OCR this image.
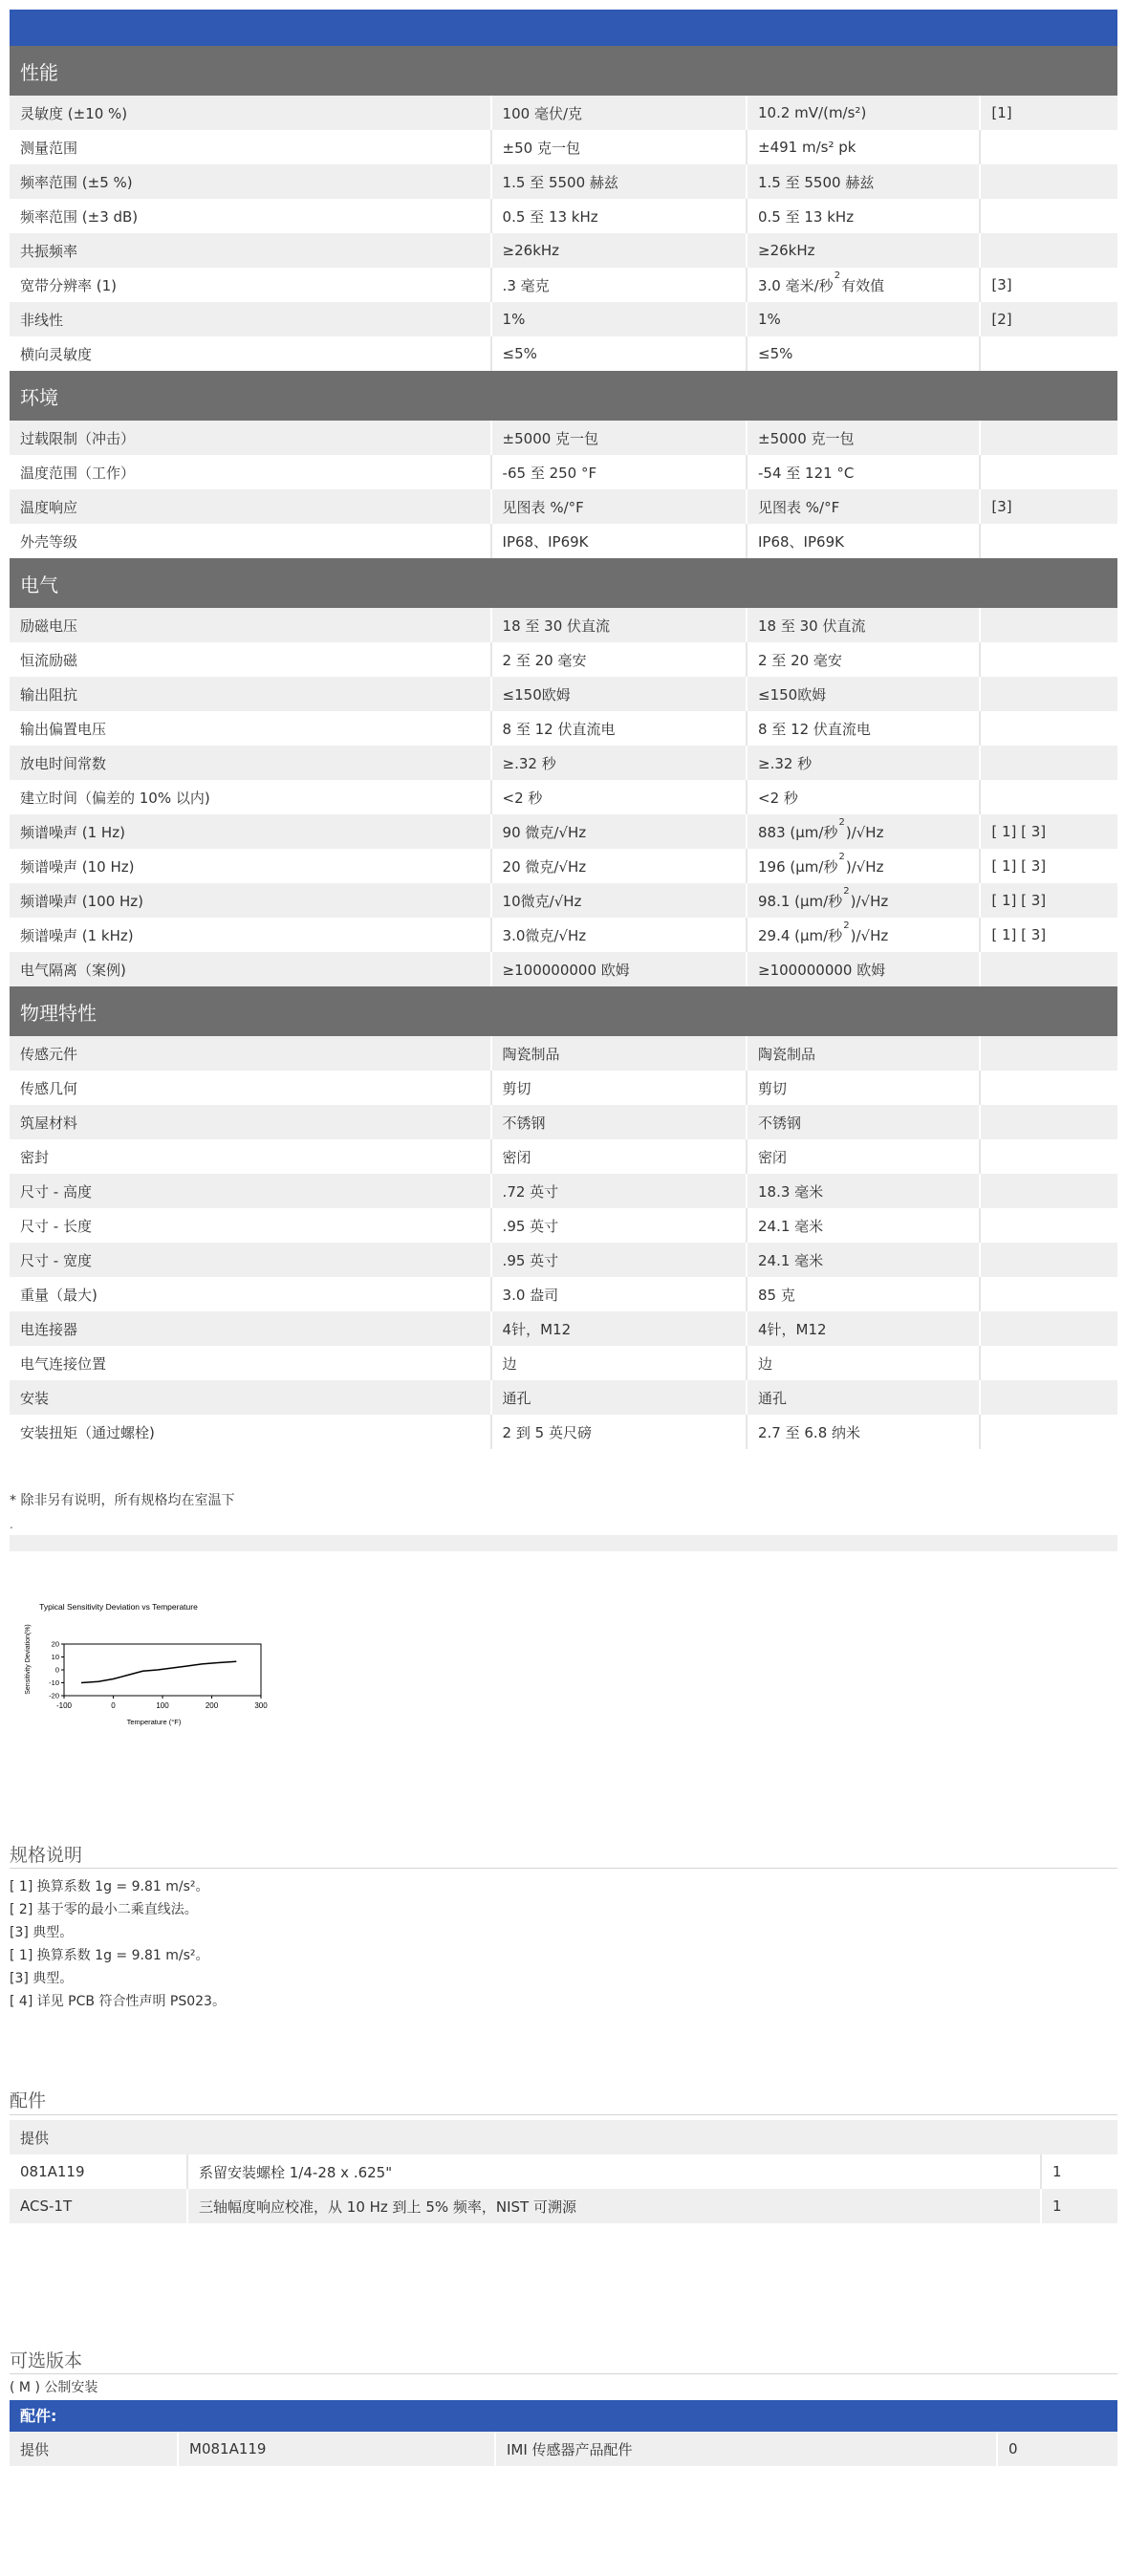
性能			
灵敏度 (±10 %)	100 毫伏/克	10.2 mV/(m/s²)	[1]
测量范围	±50 克一包	±491 m/s² pk	
频率范围 (±5 %)	1.5 至 5500 赫兹	1.5 至 5500 赫兹	
频率范围 (±3 dB)	0.5 至 13 kHz	0.5 至 13 kHz	
共振频率	≥26kHz	≥26kHz	
宽带分辨率 (1)	.3 毫克	3.0 毫米/秒$^2$有效值	[3]
非线性	1%	1%	[2]
横向灵敏度	≤5%	≤5%	
环境			
过载限制（冲击）	±5000 克一包	±5000 克一包	
温度范围（工作）	-65 至 250 °F	-54 至 121 °C	
温度响应	见图表 %/°F	见图表 %/°F	[3]
外壳等级	IP68、IP69K	IP68、IP69K	
电气			
励磁电压	18 至 30 伏直流	18 至 30 伏直流	
恒流励磁	2 至 20 毫安	2 至 20 毫安	
输出阻抗	≤150欧姆	≤150欧姆	
输出偏置电压	8 至 12 伏直流电	8 至 12 伏直流电	
放电时间常数	≥.32 秒	≥.32 秒	
建立时间（偏差的 10% 以内)	<2 秒	<2 秒	
频谱噪声 (1 Hz)	90 微克/√Hz	883 (µm/秒$^2$)/√Hz	[ 1] [ 3]
频谱噪声 (10 Hz)	20 微克/√Hz	196 (µm/秒$^2$)/√Hz	[ 1] [ 3]
频谱噪声 (100 Hz)	10微克/√Hz	98.1 (µm/秒$^2$)/√Hz	[ 1] [ 3]
频谱噪声 (1 kHz)	3.0微克/√Hz	29.4 (µm/秒$^2$)/√Hz	[ 1] [ 3]
电气隔离（案例)	≥100000000 欧姆	≥100000000 欧姆	
物理特性			
传感元件	陶瓷制品	陶瓷制品	
传感几何	剪切	剪切	
筑屋材料	不锈钢	不锈钢	
密封	密闭	密闭	
尺寸 - 高度	.72 英寸	18.3 毫米	
尺寸 - 长度	.95 英寸	24.1 毫米	
尺寸 - 宽度	.95 英寸	24.1 毫米	
重量（最大)	3.0 盎司	85 克	
电连接器	4针，M12	4针，M12	
电气连接位置	边	边	
安装	通孔	通孔	
安装扭矩（通过螺栓)	2 到 5 英尺磅	2.7 至 6.8 纳米	
* 除非另有说明，所有规格均在室温下
.
Typical Sensitivity Deviation vs Temperature
Sensitivity Deviation(%)
Temperature (°F)
20
10
0
-10
-20
-100	0	100	200	300
规格说明
[ 1] 换算系数 1g = 9.81 m/s²。
[ 2] 基于零的最小二乘直线法。
[3] 典型。
[ 1] 换算系数 1g = 9.81 m/s²。
[3] 典型。
[ 4] 详见 PCB 符合性声明 PS023。
配件
提供		
081A119	系留安装螺栓 1/4-28 x .625"	1
ACS-1T	三轴幅度响应校准，从 10 Hz 到上 5% 频率，NIST 可溯源	1
可选版本
( M ) 公制安装
配件:
提供	M081A119	IMI 传感器产品配件	0
